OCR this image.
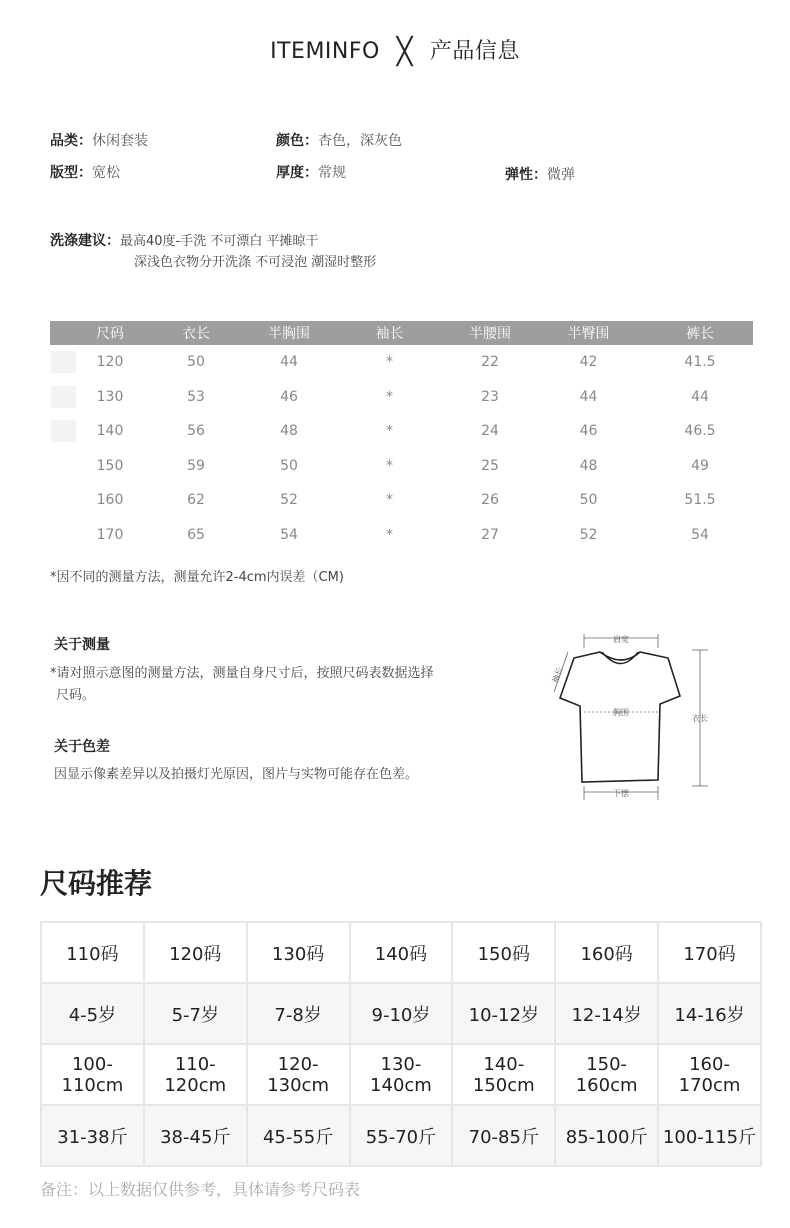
ITEMINFO ╳ 产品信息
品类：休闲套装	颜色：杏色，深灰色
版型：宽松	厚度：常规	弹性：微弹
洗涤建议：最高40度-手洗 不可漂白 平摊晾干
深浅色衣物分开洗涤 不可浸泡 潮湿时整形
	尺码	衣长	半胸围	袖长	半腰围	半臀围	裤长

	120	50	44	*	22	42	41.5

	130	53	46	*	23	44	44

	140	56	48	*	24	46	46.5
	150	59	50	*	25	48	49
	160	62	52	*	26	50	51.5
	170	65	54	*	27	52	54
*因不同的测量方法，测量允许2-4cm内误差（CM)
关于测量
*请对照示意图的测量方法，测量自身尺寸后，按照尺码表数据选择
尺码。
关于色差
因显示像素差异以及拍摄灯光原因，图片与实物可能存在色差。
肩宽
胸围
下摆
衣长
袖长
尺码推荐
110码	120码	130码	140码	150码	160码	170码
4-5岁	5-7岁	7-8岁	9-10岁	10-12岁	12-14岁	14-16岁
100-110cm	110-120cm	120-130cm	130-140cm	140-150cm	150-160cm	160-170cm
31-38斤	38-45斤	45-55斤	55-70斤	70-85斤	85-100斤	100-115斤
备注：以上数据仅供参考，具体请参考尺码表
